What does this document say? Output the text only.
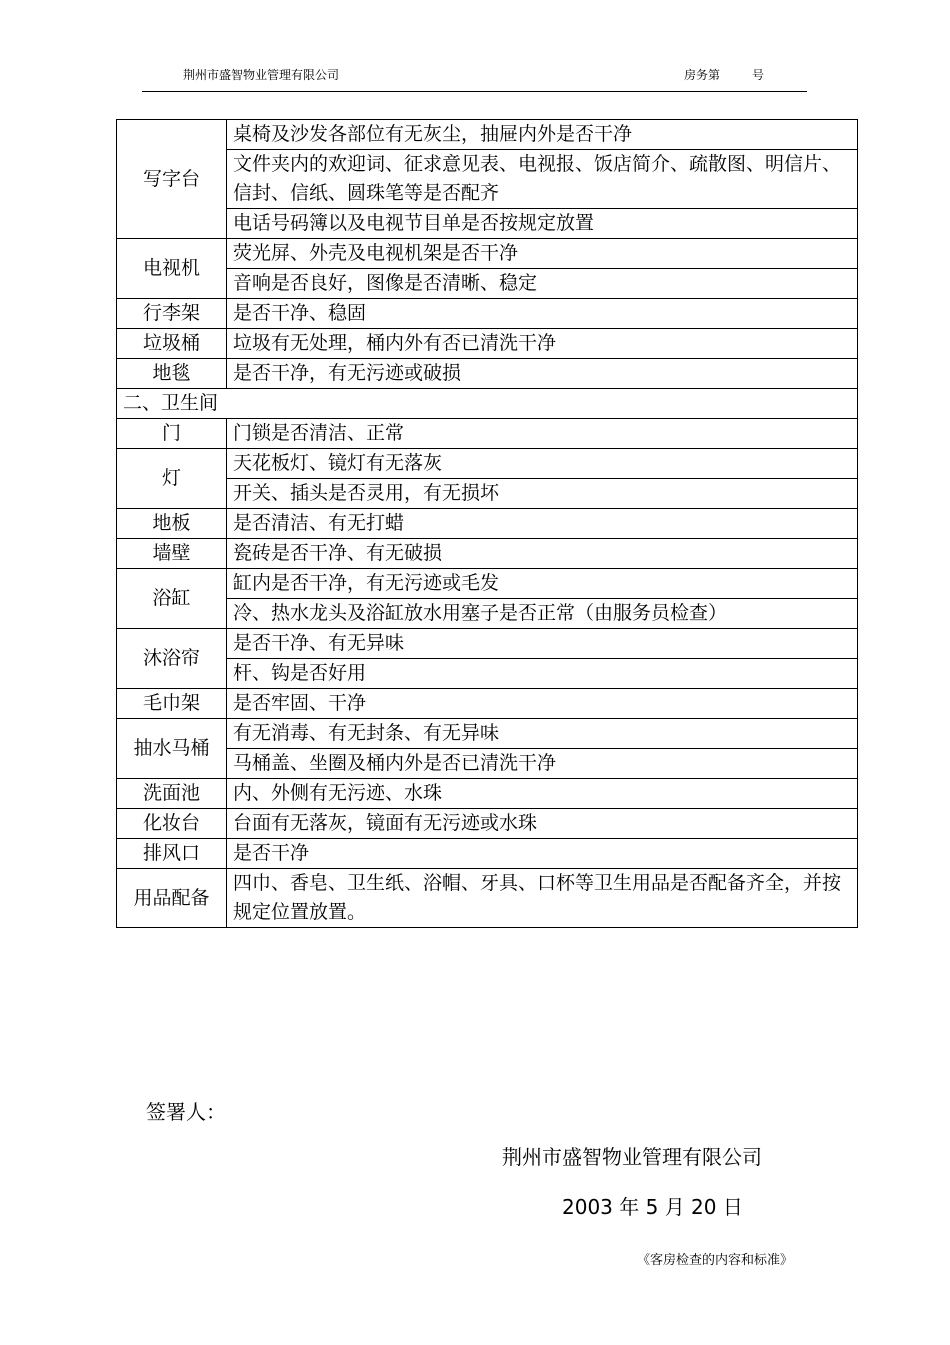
荆州市盛智物业管理有限公司	房务第	号
写字台	桌椅及沙发各部位有无灰尘，抽屉内外是否干净

	文件夹内的欢迎词、征求意见表、电视报、饭店简介、疏散图、明信片、信封、信纸、圆珠笔等是否配齐

	电话号码簿以及电视节目单是否按规定放置

电视机	荧光屏、外壳及电视机架是否干净

	音响是否良好，图像是否清晰、稳定

行李架	是否干净、稳固

垃圾桶	垃圾有无处理，桶内外有否已清洗干净

地毯	是否干净，有无污迹或破损

二、卫生间	
门	门锁是否清洁、正常

灯	天花板灯、镜灯有无落灰

	开关、插头是否灵用，有无损坏

地板	是否清洁、有无打蜡

墙壁	瓷砖是否干净、有无破损

浴缸	缸内是否干净，有无污迹或毛发

	冷、热水龙头及浴缸放水用塞子是否正常（由服务员检查）

沐浴帘	是否干净、有无异味

	杆、钩是否好用

毛巾架	是否牢固、干净

抽水马桶	有无消毒、有无封条、有无异味

	马桶盖、坐圈及桶内外是否已清洗干净

洗面池	内、外侧有无污迹、水珠

化妆台	台面有无落灰，镜面有无污迹或水珠

排风口	是否干净

用品配备	四巾、香皂、卫生纸、浴帽、牙具、口杯等卫生用品是否配备齐全，并按规定位置放置。
签署人：
荆州市盛智物业管理有限公司
2003 年 5 月 20 日
《客房检查的内容和标准》
